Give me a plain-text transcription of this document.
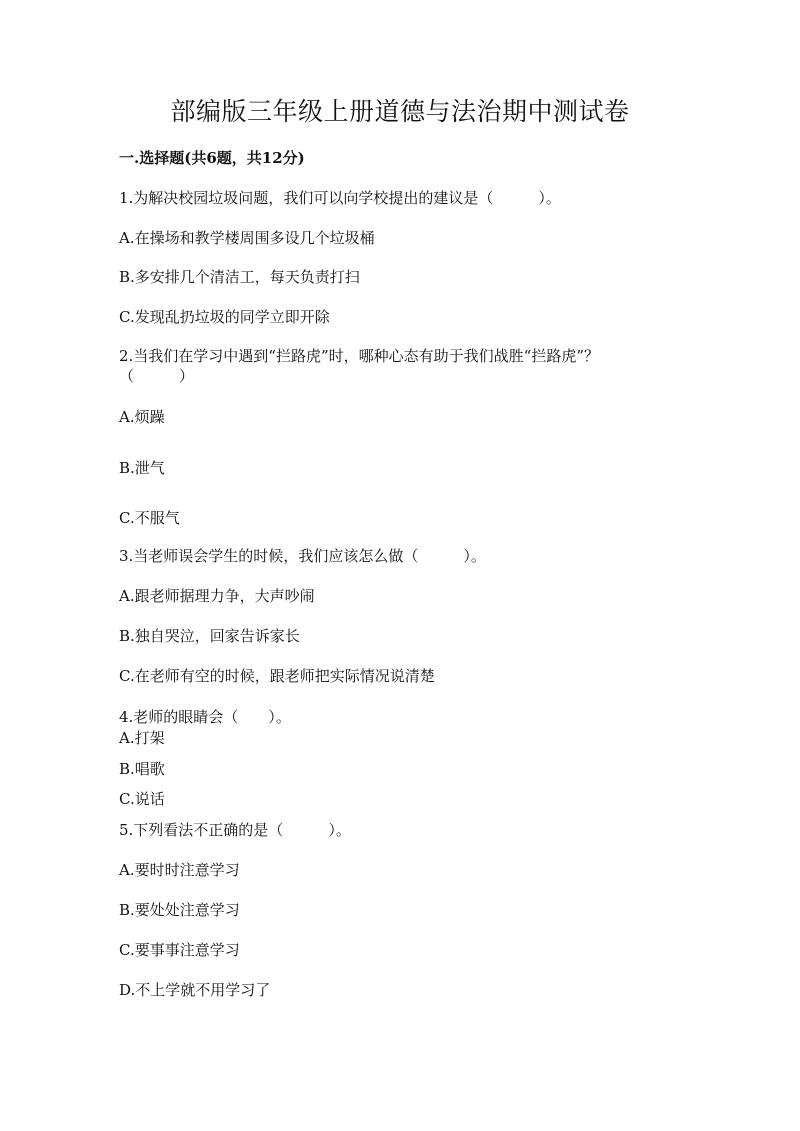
部编版三年级上册道德与法治期中测试卷
一.选择题(共6题，共12分)
1.为解决校园垃圾问题，我们可以向学校提出的建议是（　　　）。
A.在操场和教学楼周围多设几个垃圾桶
B.多安排几个清洁工，每天负责打扫
C.发现乱扔垃圾的同学立即开除
2.当我们在学习中遇到“拦路虎”时，哪种心态有助于我们战胜“拦路虎”？
（　　　）
A.烦躁
B.泄气
C.不服气
3.当老师误会学生的时候，我们应该怎么做（　　　）。
A.跟老师据理力争，大声吵闹
B.独自哭泣，回家告诉家长
C.在老师有空的时候，跟老师把实际情况说清楚
4.老师的眼睛会（　　）。
A.打架
B.唱歌
C.说话
5.下列看法不正确的是（　　　）。
A.要时时注意学习
B.要处处注意学习
C.要事事注意学习
D.不上学就不用学习了
